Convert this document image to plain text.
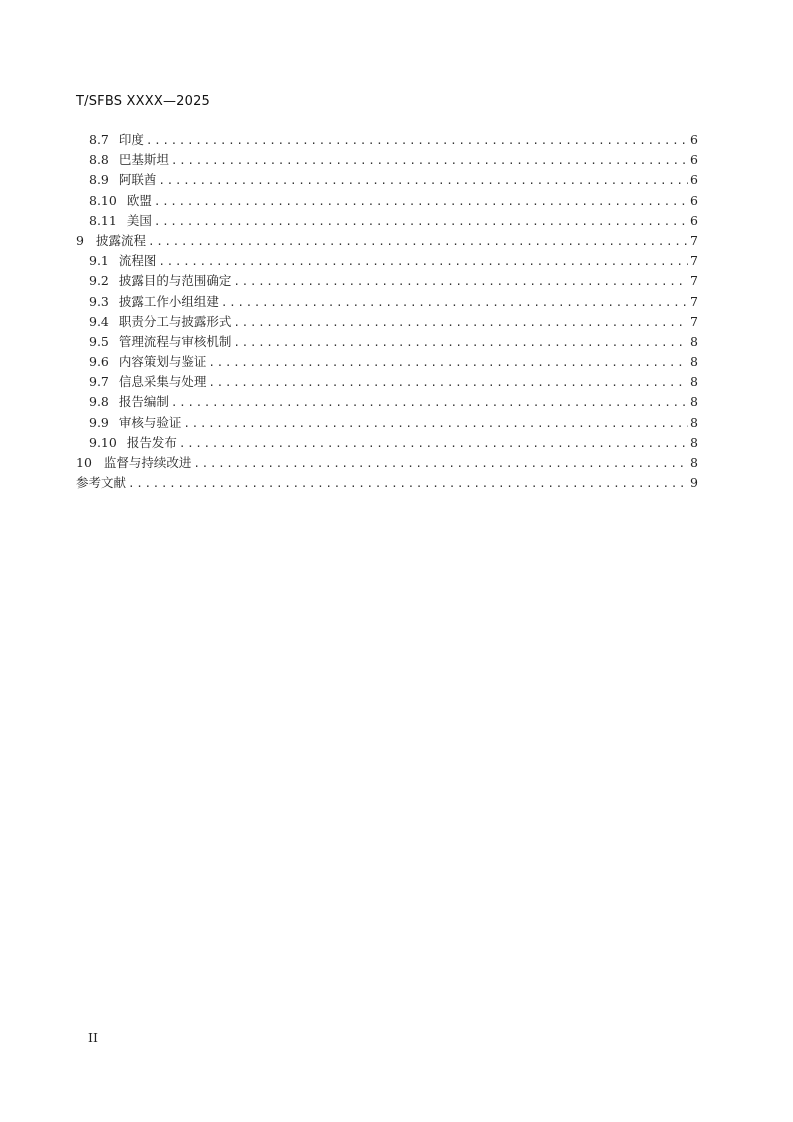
T/SFBS XXXX—2025
8.7 印度 .....	6
8.8 巴基斯坦 .....	6
8.9 阿联酋 .....	6
8.10 欧盟 .....	6
8.11 美国 .....	6
9 披露流程 .....	7
9.1 流程图 .....	7
9.2 披露目的与范围确定 .....	7
9.3 披露工作小组组建 .....	7
9.4 职责分工与披露形式 .....	7
9.5 管理流程与审核机制 .....	8
9.6 内容策划与鉴证 .....	8
9.7 信息采集与处理 .....	8
9.8 报告编制 .....	8
9.9 审核与验证 .....	8
9.10 报告发布 .....	8
10 监督与持续改进 .....	8
参考文献 .....	9
II
